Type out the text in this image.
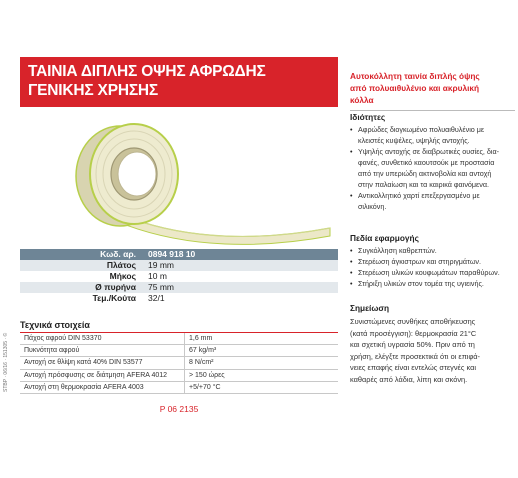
ΤΑΙΝΙΑ ΔΙΠΛΗΣ ΟΨΗΣ ΑΦΡΩΔΗΣ
ΓΕΝΙΚΗΣ ΧΡΗΣΗΣ
Κωδ. αρ.	0894 918 10
Πλάτος	19 mm
Μήκος	10 m
Ø πυρήνα	75 mm
Τεμ./Κούτα	32/1
Τεχνικά στοιχεία
Πάχος αφρού DIN 53370	1,6 mm
Πυκνότητα αφρού	67 kg/m³
Αντοχή σε θλίψη κατά 40% DIN 53577	8 N/cm²
Αντοχή πρόσφυσης σε διάτμηση AFERA 4012	> 150 ώρες
Αντοχή στη θερμοκρασία AFERA 4003	+5/+70 °C
P 06 2135
STBP · 06/16 · 151305 · ©
Αυτοκόλλητη ταινία διπλής όψης
από πολυαιθυλένιο και ακρυλική
κόλλα
Ιδιότητες
• Αφρώδες διογκωμένο πολυαιθυλένιο με
κλειστές κυψέλες, υψηλής αντοχής.
• Υψηλής αντοχής σε διαβρωτικές ουσίες, δια-
φανές, συνθετικό καουτσούκ με προστασία
από την υπεριώδη ακτινοβολία και αντοχή
στην παλαίωση και τα καιρικά φαινόμενα.
• Αντικολλητικό χαρτί επεξεργασμένο με
σιλικόνη.
Πεδία εφαρμογής
• Συγκόλληση καθρεπτών.
• Στερέωση άγκιστρων και στηριγμάτων.
• Στερέωση υλικών κουφωμάτων παραθύρων.
• Στήριξη υλικών στον τομέα της υγιεινής.
Σημείωση
Συνιστώμενες συνθήκες αποθήκευσης
(κατά προσέγγιση): θερμοκρασία 21°C
και σχετική υγρασία 50%. Πριν από τη
χρήση, ελέγξτε προσεκτικά ότι οι επιφά-
νειες επαφής είναι εντελώς στεγνές και
καθαρές από λάδια, λίπη και σκόνη.
